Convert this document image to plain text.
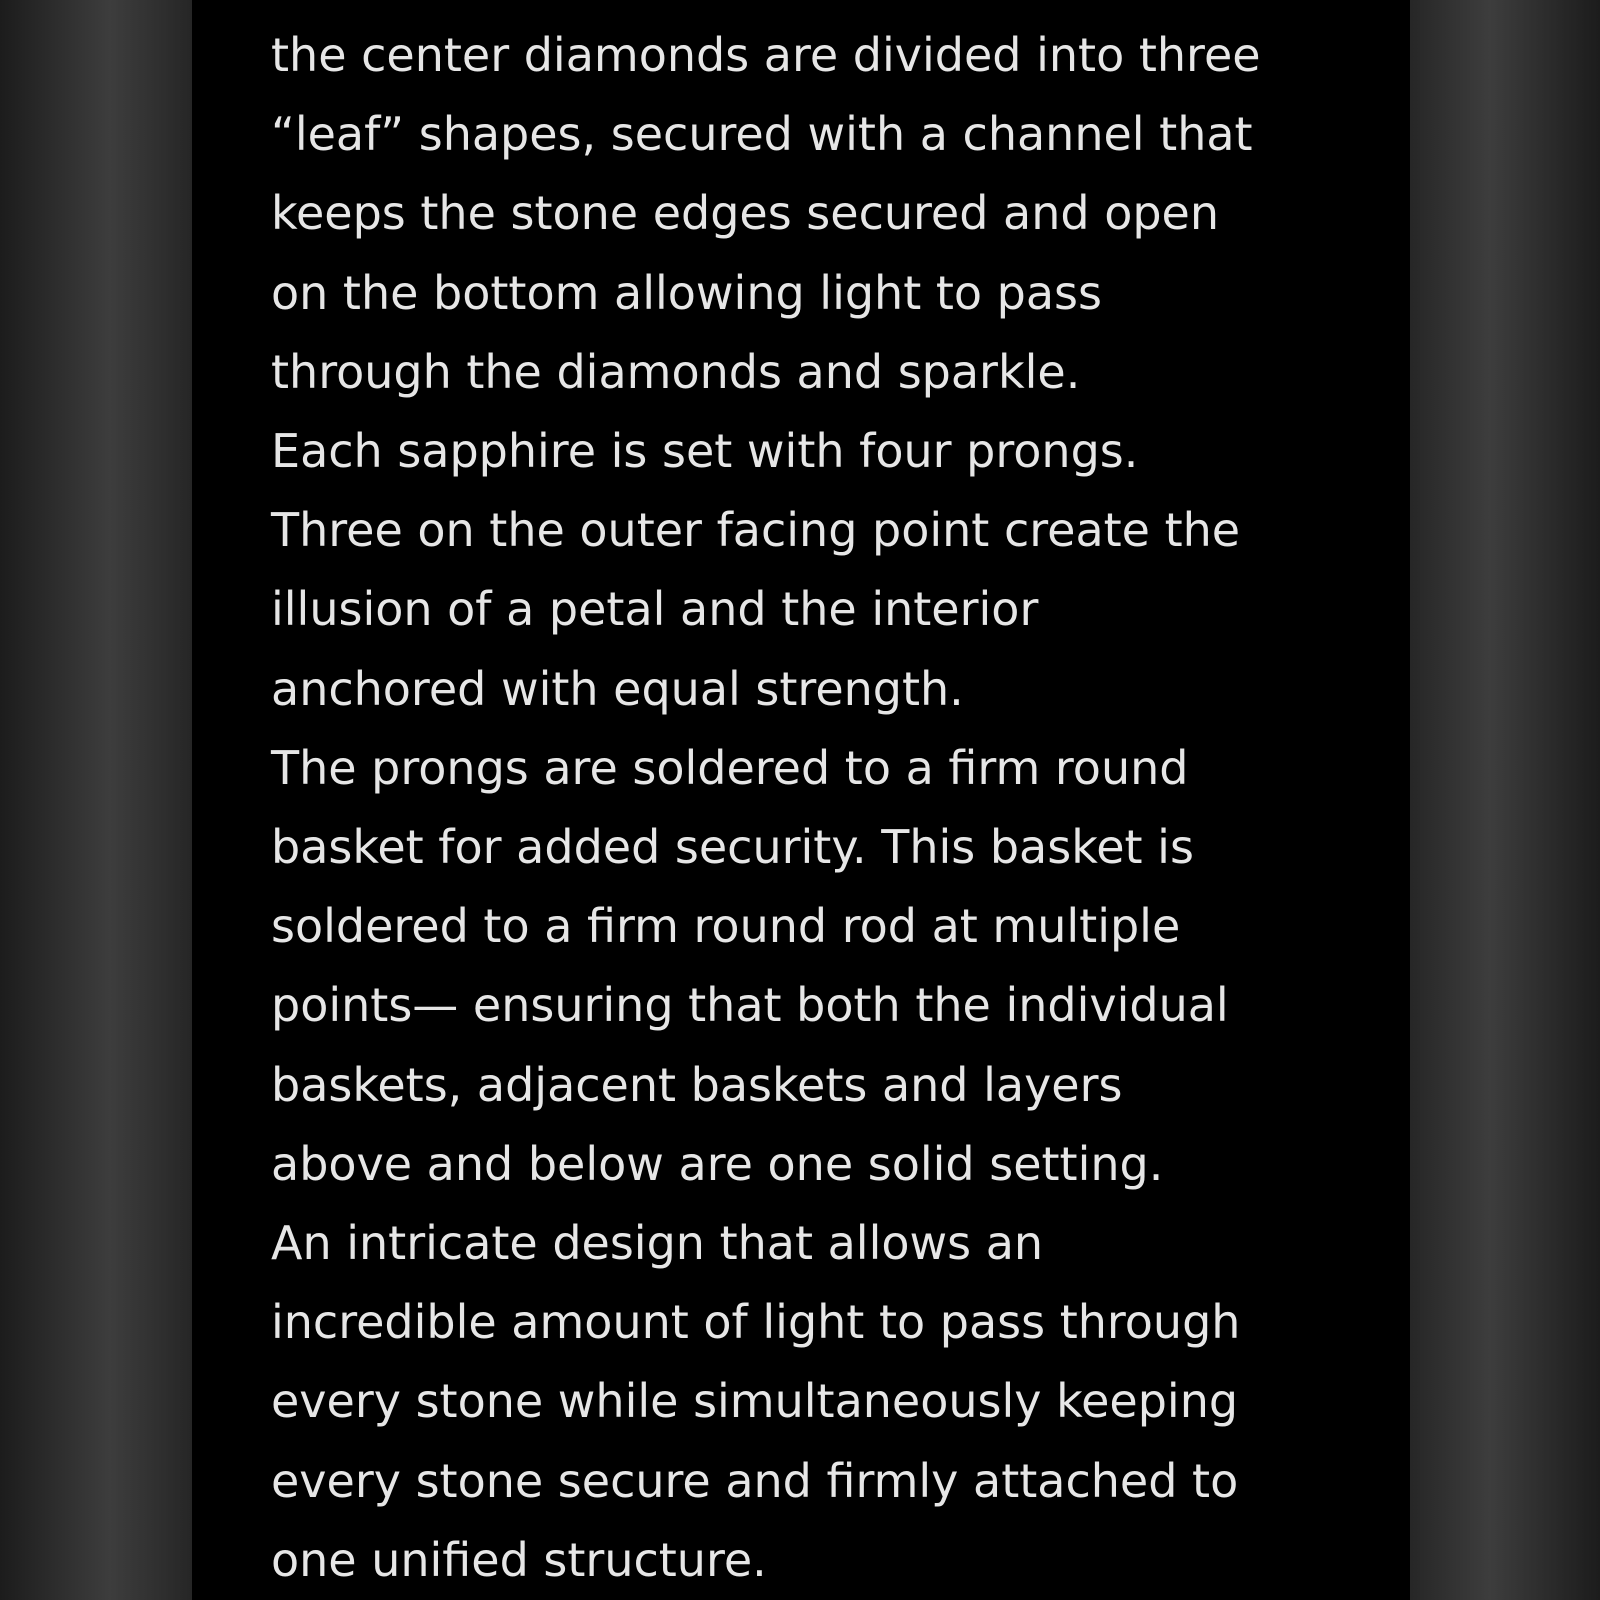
the center diamonds are divided into three
“leaf” shapes, secured with a channel that
keeps the stone edges secured and open
on the bottom allowing light to pass
through the diamonds and sparkle.
Each sapphire is set with four prongs.
Three on the outer facing point create the
illusion of a petal and the interior
anchored with equal strength.
The prongs are soldered to a firm round
basket for added security. This basket is
soldered to a firm round rod at multiple
points— ensuring that both the individual
baskets, adjacent baskets and layers
above and below are one solid setting.
An intricate design that allows an
incredible amount of light to pass through
every stone while simultaneously keeping
every stone secure and firmly attached to
one unified structure.
